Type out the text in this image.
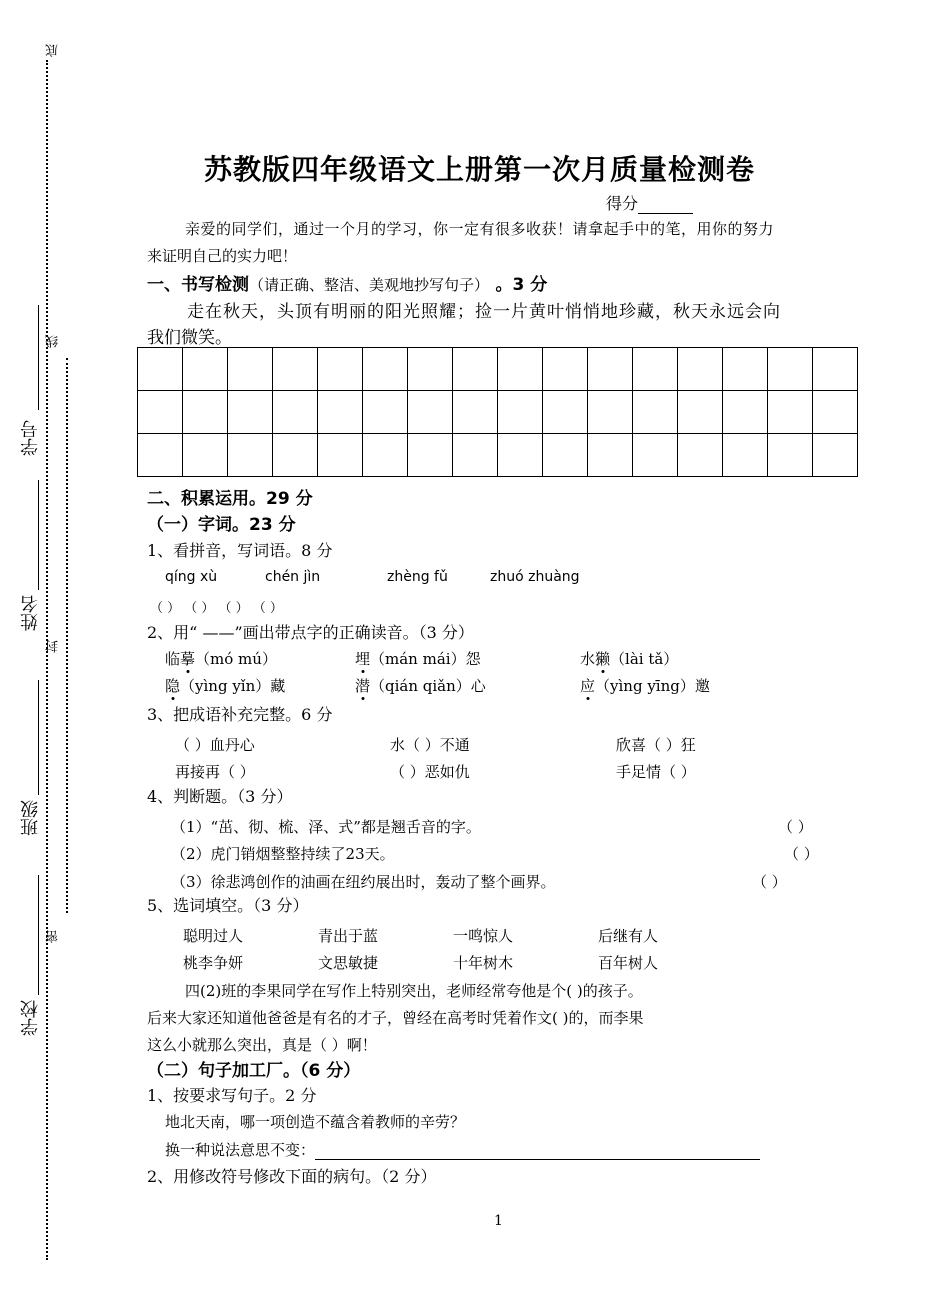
底
线
封
密
学号
姓名
班级
学校
苏教版四年级语文上册第一次月质量检测卷
得分
亲爱的同学们，通过一个月的学习，你一定有很多收获！请拿起手中的笔，用你的努力
来证明自己的实力吧！
一、书写检测（请正确、整洁、美观地抄写句子） 。3 分
走在秋天，头顶有明丽的阳光照耀；捡一片黄叶悄悄地珍藏，秋天永远会向
我们微笑。

二、积累运用。29 分
（一）字词。23 分
1、看拼音，写词语。8 分
qíng xù	chén jìn	zhèng fǔ	zhuó zhuàng
（ ） （ ） （ ） （ ）
2、用“ ——”画出带点字的正确读音。（3 分）
临摹（mó mú）	埋（mán mái）怨	水獭（lài tǎ）
隐（yìng yǐn）藏	潜（qián qiǎn）心	应（yìng yīng）邀
3、把成语补充完整。6 分
（ ）血丹心	水（ ）不通	欣喜（ ）狂
再接再（ ）	（ ）恶如仇	手足情（ ）
4、判断题。（3 分）
（1）“茁、彻、梳、泽、式”都是翘舌音的字。	（ ）
（2）虎门销烟整整持续了23天。	（ ）
（3）徐悲鸿创作的油画在纽约展出时，轰动了整个画界。	（ ）
5、选词填空。（3 分）
聪明过人	青出于蓝	一鸣惊人	后继有人
桃李争妍	文思敏捷	十年树木	百年树人
四(2)班的李果同学在写作上特别突出，老师经常夸他是个( )的孩子。
后来大家还知道他爸爸是有名的才子，曾经在高考时凭着作文( )的，而李果
这么小就那么突出，真是（ ）啊！
（二）句子加工厂。（6 分）
1、按要求写句子。2 分
地北天南，哪一项创造不蕴含着教师的辛劳？
换一种说法意思不变：
2、用修改符号修改下面的病句。（2 分）
1
